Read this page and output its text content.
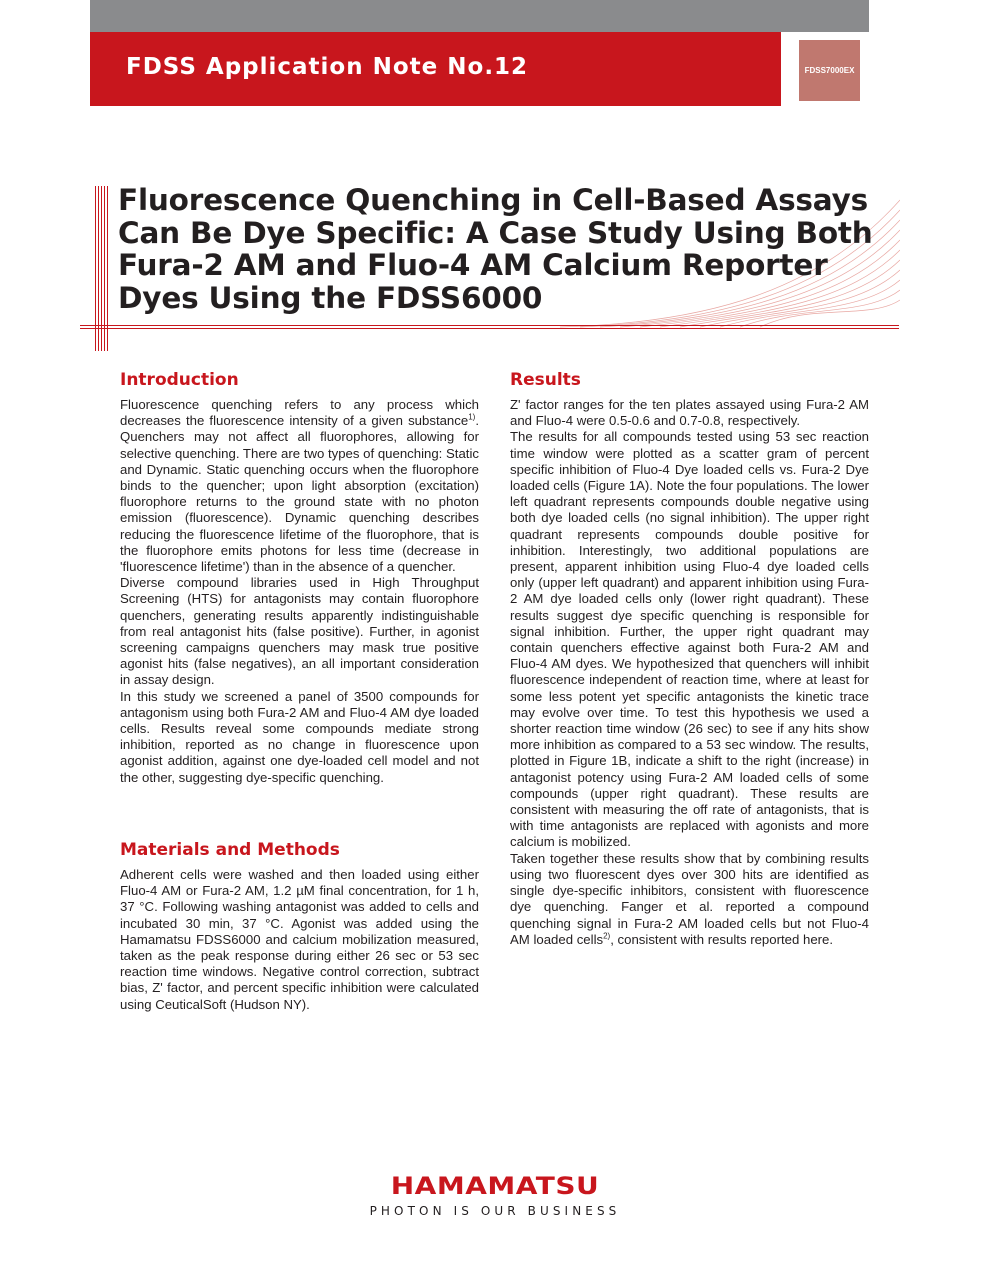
FDSS Application Note No.12	FDSS7000EX
Fluorescence Quenching in Cell-Based Assays Can Be Dye Specific: A Case Study Using Both Fura-2 AM and Fluo-4 AM Calcium Reporter Dyes Using the FDSS6000
Introduction

Fluorescence quenching refers to any process which decreases the fluorescence intensity of a given substance$^{1)}$. Quenchers may not affect all fluorophores, allowing for selective quenching. There are two types of quenching: Static and Dynamic. Static quenching occurs when the fluorophore binds to the quencher; upon light absorption (excitation) fluorophore returns to the ground state with no photon emission (fluorescence). Dynamic quenching describes reducing the fluorescence lifetime of the fluorophore, that is the fluorophore emits photons for less time (decrease in 'fluorescence lifetime') than in the absence of a quencher.

Diverse compound libraries used in High Throughput Screening (HTS) for antagonists may contain fluorophore quenchers, generating results apparently indistinguishable from real antagonist hits (false positive). Further, in agonist screening campaigns quenchers may mask true positive agonist hits (false negatives), an all important consideration in assay design.

In this study we screened a panel of 3500 compounds for antagonism using both Fura-2 AM and Fluo-4 AM dye loaded cells. Results reveal some compounds mediate strong inhibition, reported as no change in fluorescence upon agonist addition, against one dye-loaded cell model and not the other, suggesting dye-specific quenching.

Materials and Methods

Adherent cells were washed and then loaded using either Fluo-4 AM or Fura-2 AM, 1.2 µM final concentration, for 1 h, 37 °C. Following washing antagonist was added to cells and incubated 30 min, 37 °C. Agonist was added using the Hamamatsu FDSS6000 and calcium mobilization measured, taken as the peak response during either 26 sec or 53 sec reaction time windows. Negative control correction, subtract bias, Z' factor, and percent specific inhibition were calculated using CeuticalSoft (Hudson NY).

Results

Z' factor ranges for the ten plates assayed using Fura-2 AM and Fluo-4 were 0.5-0.6 and 0.7-0.8, respectively.

The results for all compounds tested using 53 sec reaction time window were plotted as a scatter gram of percent specific inhibition of Fluo-4 Dye loaded cells vs. Fura-2 Dye loaded cells (Figure 1A). Note the four populations. The lower left quadrant represents compounds double negative using both dye loaded cells (no signal inhibition). The upper right quadrant represents compounds double positive for inhibition. Interestingly, two additional populations are present, apparent inhibition using Fluo-4 dye loaded cells only (upper left quadrant) and apparent inhibition using Fura-2 AM dye loaded cells only (lower right quadrant). These results suggest dye specific quenching is responsible for signal inhibition. Further, the upper right quadrant may contain quenchers effective against both Fura-2 AM and Fluo-4 AM dyes. We hypothesized that quenchers will inhibit fluorescence independent of reaction time, where at least for some less potent yet specific antagonists the kinetic trace may evolve over time. To test this hypothesis we used a shorter reaction time window (26 sec) to see if any hits show more inhibition as compared to a 53 sec window. The results, plotted in Figure 1B, indicate a shift to the right (increase) in antagonist potency using Fura-2 AM loaded cells of some compounds (upper right quadrant). These results are consistent with measuring the off rate of antagonists, that is with time antagonists are replaced with agonists and more calcium is mobilized.

Taken together these results show that by combining results using two fluorescent dyes over 300 hits are identified as single dye-specific inhibitors, consistent with fluorescence dye quenching. Fanger et al. reported a compound quenching signal in Fura-2 AM loaded cells but not Fluo-4 AM loaded cells$^{2)}$, consistent with results reported here.

HAMAMATSU
PHOTON IS OUR BUSINESS
